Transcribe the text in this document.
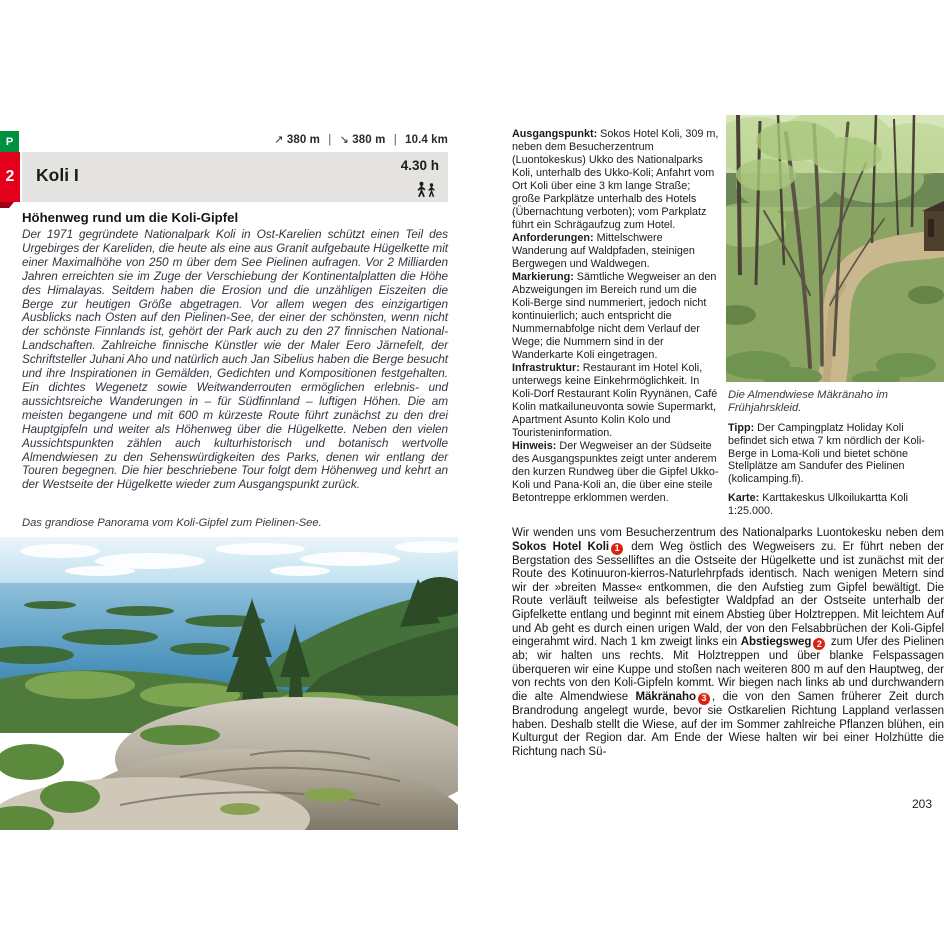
P	↗ 380 m | ↘ 380 m | 10.4 km
Koli I	4.30 h
2
Höhenweg rund um die Koli-Gipfel

Der 1971 gegründete Nationalpark Koli in Ost-Karelien schützt einen Teil des Urgebirges der Kareliden, die heute als eine aus Granit aufgebaute Hügelkette mit einer Maximalhöhe von 250 m über dem See Pielinen aufragen. Vor 2 Milliarden Jahren erreichten sie im Zuge der Verschiebung der Kontinentalplatten die Höhe des Himalayas. Seitdem haben die Erosion und die unzähligen Eiszeiten die Berge zur heutigen Größe abgetragen. Vor allem wegen des einzigartigen Ausblicks nach Osten auf den Pielinen-See, der einer der schönsten, wenn nicht der schönste Finnlands ist, gehört der Park auch zu den 27 finnischen National-Landschaften. Zahlreiche finnische Künstler wie der Maler Eero Järnefelt, der Schriftsteller Juhani Aho und natürlich auch Jan Sibelius haben die Berge besucht und ihre Inspirationen in Gemälden, Gedichten und Kompositionen festgehalten. Ein dichtes Wegenetz sowie Weitwanderrouten ermöglichen erlebnis- und aussichtsreiche Wanderungen in – für Südfinnland – luftigen Höhen. Die am meisten begangene und mit 600 m kürzeste Route führt zunächst zu den drei Hauptgipfeln und weiter als Höhenweg über die Hügelkette. Neben den vielen Aussichtspunkten zählen auch kulturhistorisch und botanisch wertvolle Almendwiesen zu den Sehenswürdigkeiten des Parks, denen wir entlang der Touren begegnen. Die hier beschriebene Tour folgt dem Höhenweg und kehrt an der Westseite der Hügelkette wieder zum Ausgangspunkt zurück.

Das grandiose Panorama vom Koli-Gipfel zum Pielinen-See.

Ausgangspunkt: Sokos Hotel Koli, 309 m, neben dem Besucherzentrum (Luontokeskus) Ukko des Nationalparks Koli, unterhalb des Ukko-Koli; Anfahrt vom Ort Koli über eine 3 km lange Straße; große Parkplätze unterhalb des Hotels (Übernachtung verboten); vom Parkplatz führt ein Schrägaufzug zum Hotel.

Anforderungen: Mittelschwere Wanderung auf Waldpfaden, steinigen Bergwegen und Waldwegen.

Markierung: Sämtliche Wegweiser an den Abzweigungen im Bereich rund um die Koli-Berge sind nummeriert, jedoch nicht kontinuierlich; auch entspricht die Nummernabfolge nicht dem Verlauf der Wege; die Nummern sind in der Wanderkarte Koli eingetragen.

Infrastruktur: Restaurant im Hotel Koli, unterwegs keine Einkehrmöglichkeit. In Koli-Dorf Restaurant Kolin Ryynänen, Café Kolin matkailuneuvonta sowie Supermarkt, Apartment Asunto Kolin Kolo und Touristeninformation.

Hinweis: Der Wegweiser an der Südseite des Ausgangspunktes zeigt unter anderem den kurzen Rundweg über die Gipfel Ukko-Koli und Pana-Koli an, die über eine steile Betontreppe erklommen werden.

Die Almendwiese Mäkränaho im Frühjahrskleid.

Tipp: Der Campingplatz Holiday Koli befindet sich etwa 7 km nördlich der Koli-Berge in Loma-Koli und bietet schöne Stellplätze am Sandufer des Pielinen (kolicamping.fi).

Karte: Karttakeskus Ulkoilukartta Koli 1:25.000.

Wir wenden uns vom Besucherzentrum des Nationalparks Luontokesku neben dem Sokos Hotel Koli 1 dem Weg östlich des Wegweisers zu. Er führt neben der Bergstation des Sesselliftes an die Ostseite der Hügelkette und ist zunächst mit der Route des Kotinuuron-kierros-Naturlehrpfads identisch. Nach wenigen Metern sind wir der »breiten Masse« entkommen, die den Aufstieg zum Gipfel bewältigt. Die Route verläuft teilweise als befestigter Waldpfad an der Ostseite unterhalb der Gipfelkette entlang und beginnt mit einem Abstieg über Holztreppen. Mit leichtem Auf und Ab geht es durch einen urigen Wald, der von den Felsabbrüchen der Koli-Gipfel eingerahmt wird. Nach 1 km zweigt links ein Abstiegsweg 2 zum Ufer des Pielinen ab; wir halten uns rechts. Mit Holztreppen und über blanke Felspassagen überqueren wir eine Kuppe und stoßen nach weiteren 800 m auf den Hauptweg, der von rechts von den Koli-Gipfeln kommt. Wir biegen nach links ab und durchwandern die alte Almendwiese Mäkränaho 3 , die von den Samen früherer Zeit durch Brandrodung angelegt wurde, bevor sie Ostkarelien Richtung Lappland verlassen haben. Deshalb stellt die Wiese, auf der im Sommer zahlreiche Pflanzen blühen, ein Kulturgut der Region dar. Am Ende der Wiese halten wir bei einer Holzhütte die Richtung nach Sü-

203
